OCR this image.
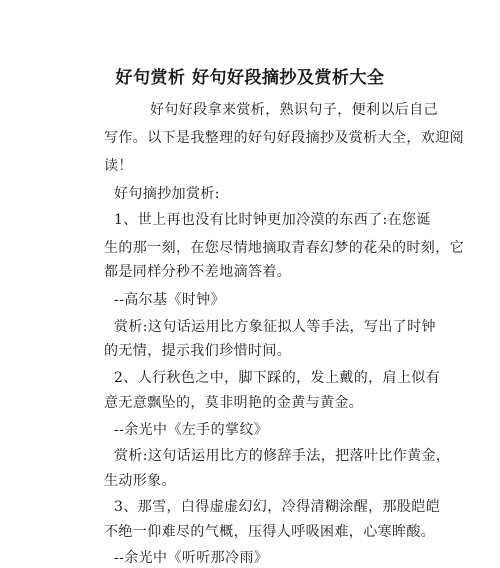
好句赏析 好句好段摘抄及赏析大全
好句好段拿来赏析，熟识句子，便利以后自己
写作。以下是我整理的好句好段摘抄及赏析大全，欢迎阅
读！
好句摘抄加赏析:
1、世上再也没有比时钟更加冷漠的东西了:在您诞
生的那一刻，在您尽情地摘取青春幻梦的花朵的时刻，它
都是同样分秒不差地滴答着。
--高尔基《时钟》
赏析:这句话运用比方象征拟人等手法，写出了时钟
的无情，提示我们珍惜时间。
2、人行秋色之中，脚下踩的，发上戴的，肩上似有
意无意飘坠的，莫非明艳的金黄与黄金。
--余光中《左手的掌纹》
赏析:这句话运用比方的修辞手法，把落叶比作黄金，
生动形象。
3、那雪，白得虚虚幻幻，冷得清糊涂醒，那股皑皑
不绝一仰难尽的气概，压得人呼吸困难，心寒眸酸。
--余光中《听听那冷雨》
